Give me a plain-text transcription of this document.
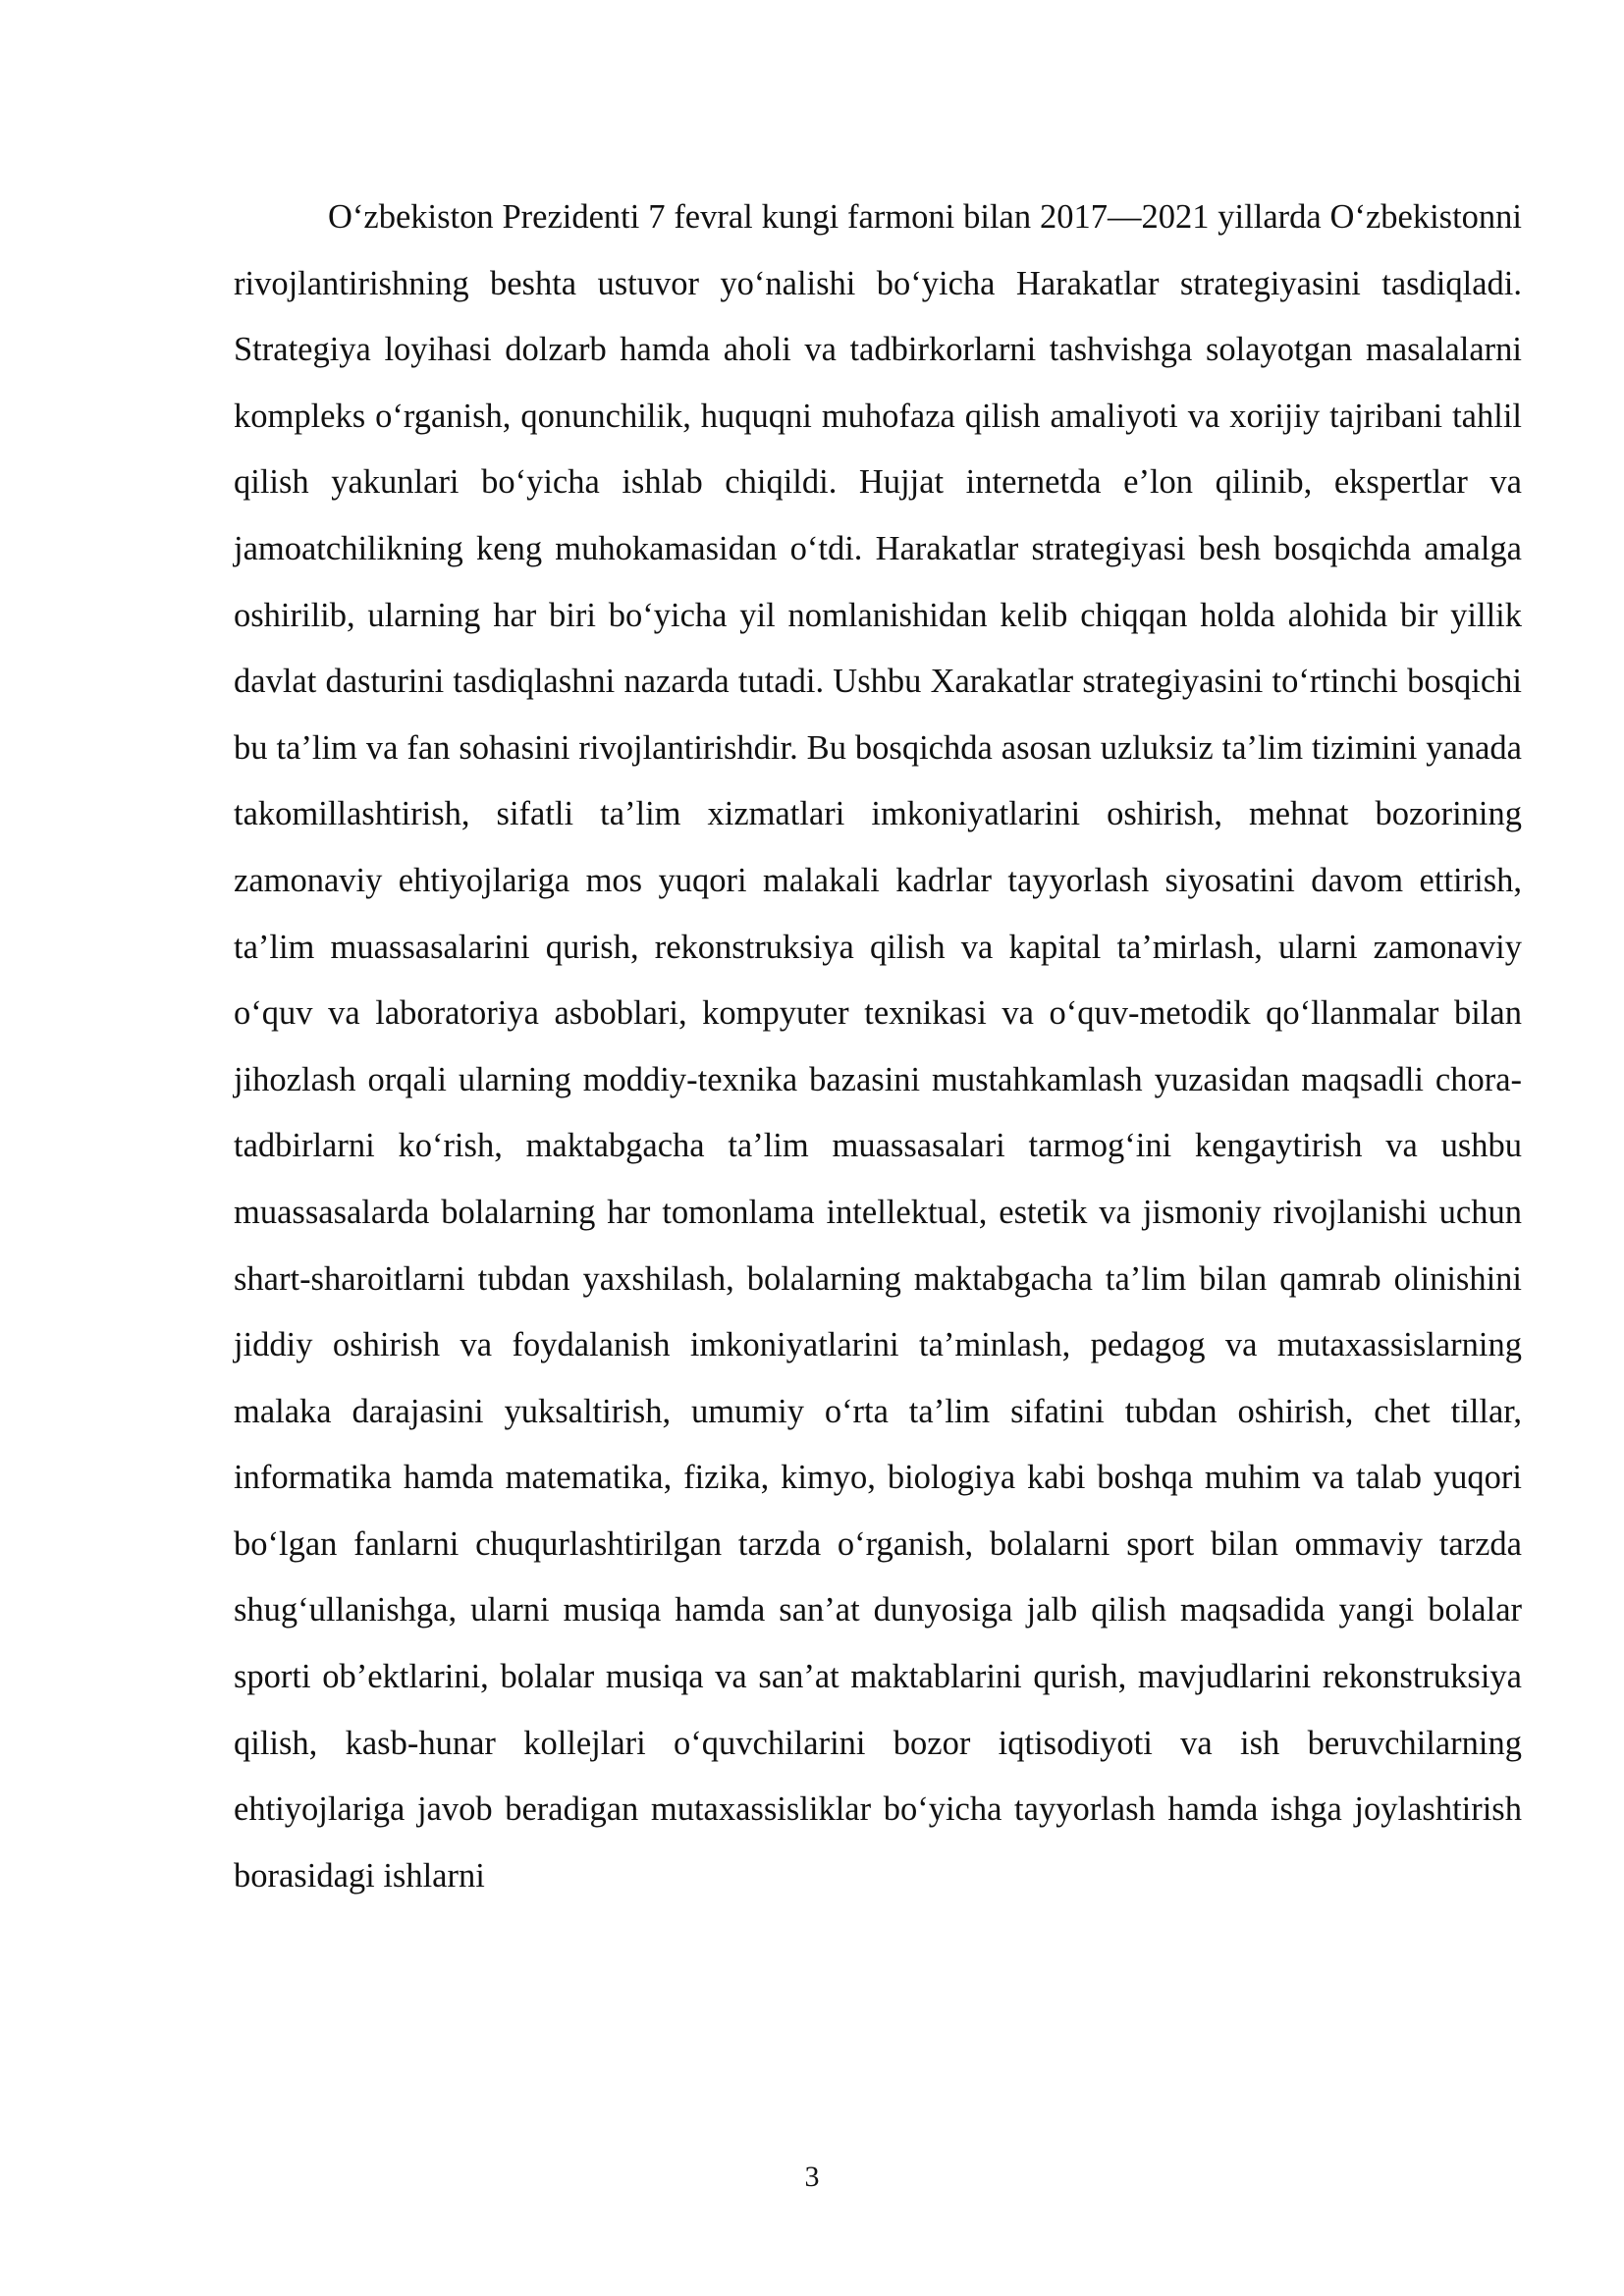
O‘zbekiston Prezidenti 7 fevral kungi farmoni bilan 2017—2021 yillarda O‘zbekistonni rivojlantirishning beshta ustuvor yo‘nalishi bo‘yicha Harakatlar strategiyasini tasdiqladi. Strategiya loyihasi dolzarb hamda aholi va tadbirkorlarni tashvishga solayotgan masalalarni kompleks o‘rganish, qonunchilik, huquqni muhofaza qilish amaliyoti va xorijiy tajribani tahlil qilish yakunlari bo‘yicha ishlab chiqildi. Hujjat internetda e’lon qilinib, ekspertlar va jamoatchilikning keng muhokamasidan o‘tdi. Harakatlar strategiyasi besh bosqichda amalga oshirilib, ularning har biri bo‘yicha yil nomlanishidan kelib chiqqan holda alohida bir yillik davlat dasturini tasdiqlashni nazarda tutadi. Ushbu Xarakatlar strategiyasini to‘rtinchi bosqichi bu ta’lim va fan sohasini rivojlantirishdir. Bu bosqichda asosan uzluksiz ta’lim tizimini yanada takomillashtirish, sifatli ta’lim xizmatlari imkoniyatlarini oshirish, mehnat bozorining zamonaviy ehtiyojlariga mos yuqori malakali kadrlar tayyorlash siyosatini davom ettirish, ta’lim muassasalarini qurish, rekonstruksiya qilish va kapital ta’mirlash, ularni zamonaviy o‘quv va laboratoriya asboblari, kompyuter texnikasi va o‘quv-metodik qo‘llanmalar bilan jihozlash orqali ularning moddiy-texnika bazasini mustahkamlash yuzasidan maqsadli chora-tadbirlarni ko‘rish, maktabgacha ta’lim muassasalari tarmog‘ini kengaytirish va ushbu muassasalarda bolalarning har tomonlama intellektual, estetik va jismoniy rivojlanishi uchun shart-sharoitlarni tubdan yaxshilash, bolalarning maktabgacha ta’lim bilan qamrab olinishini jiddiy oshirish va foydalanish imkoniyatlarini ta’minlash, pedagog va mutaxassislarning malaka darajasini yuksaltirish, umumiy o‘rta ta’lim sifatini tubdan oshirish, chet tillar, informatika hamda matematika, fizika, kimyo, biologiya kabi boshqa muhim va talab yuqori bo‘lgan fanlarni chuqurlashtirilgan tarzda o‘rganish, bolalarni sport bilan ommaviy tarzda shug‘ullanishga, ularni musiqa hamda san’at dunyosiga jalb qilish maqsadida yangi bolalar sporti ob’ektlarini, bolalar musiqa va san’at maktablarini qurish, mavjudlarini rekonstruksiya qilish, kasb-hunar kollejlari o‘quvchilarini bozor iqtisodiyoti va ish beruvchilarning ehtiyojlariga javob beradigan mutaxassisliklar bo‘yicha tayyorlash hamda ishga joylashtirish borasidagi ishlarni

3
